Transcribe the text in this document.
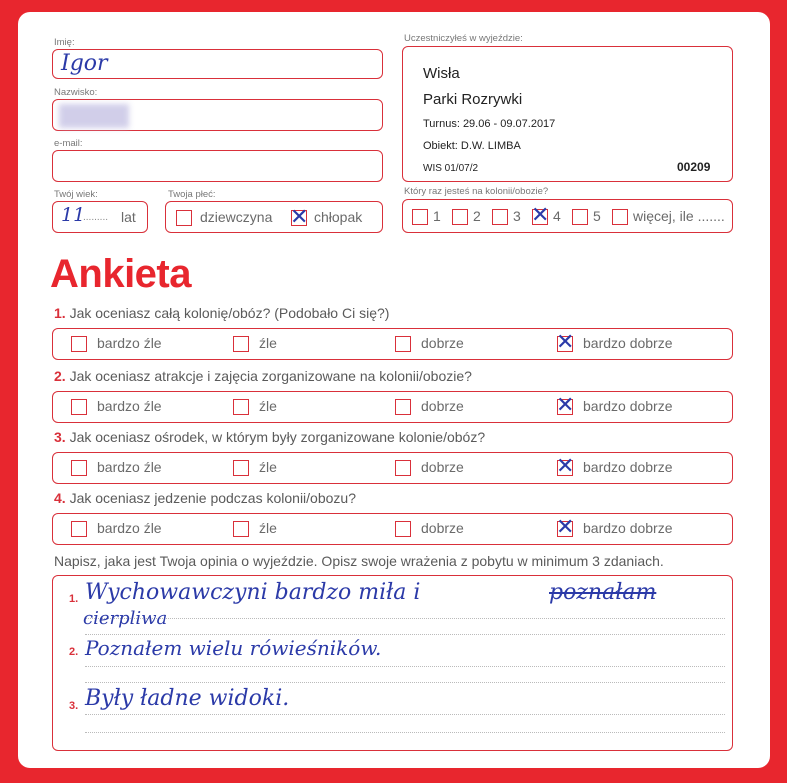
Imię:
Igor
Nazwisko:
e-mail:
Twój wiek:
11
......... lat
Twoja płeć:
dziewczyna ✕ chłopak
Uczestniczyłeś w wyjeździe:
Wisła
Parki Rozrywki
Turnus: 29.06 - 09.07.2017
Obiekt: D.W. LIMBA
WIS 01/07/2	00209
Który raz jesteś na kolonii/obozie?
1 2 3 ✕ 4 5 więcej, ile .......
Ankieta
1. Jak oceniasz całą kolonię/obóz? (Podobało Ci się?)
bardzo źle	źle	dobrze	✕ bardzo dobrze
2. Jak oceniasz atrakcje i zajęcia zorganizowane na kolonii/obozie?
bardzo źle	źle	dobrze	✕ bardzo dobrze
3. Jak oceniasz ośrodek, w którym były zorganizowane kolonie/obóz?
bardzo źle	źle	dobrze	✕ bardzo dobrze
4. Jak oceniasz jedzenie podczas kolonii/obozu?
bardzo źle	źle	dobrze	✕ bardzo dobrze
Napisz, jaka jest Twoja opinia o wyjeździe. Opisz swoje wrażenia z pobytu w minimum 3 zdaniach.
1. Wychowawczyni bardzo miła i	poznałam
cierpliwa
2. Poznałem wielu rówieśników.
3. Były ładne widoki.
